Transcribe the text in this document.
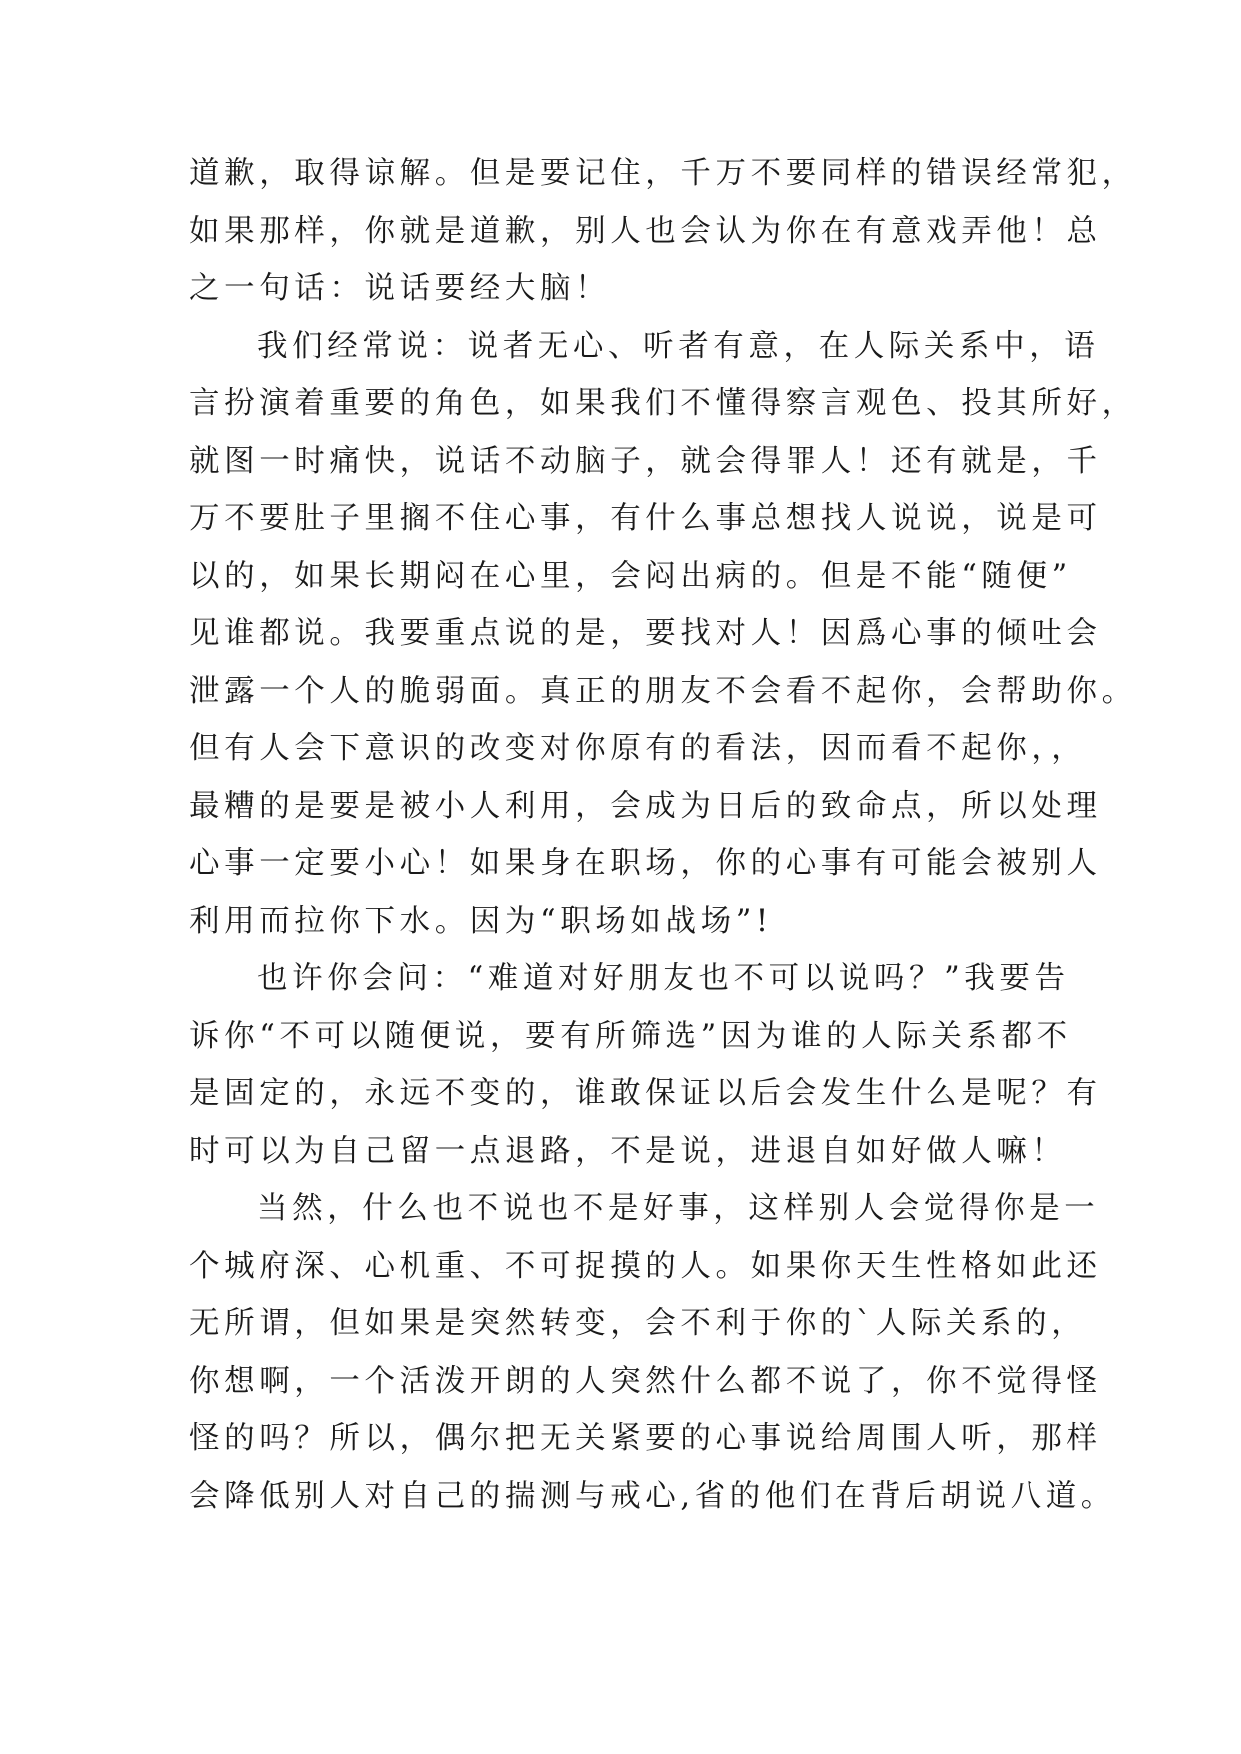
道歉，取得谅解。但是要记住，千万不要同样的错误经常犯，
如果那样，你就是道歉，别人也会认为你在有意戏弄他！总
之一句话：说话要经大脑！
我们经常说：说者无心、听者有意，在人际关系中，语
言扮演着重要的角色，如果我们不懂得察言观色、投其所好，
就图一时痛快，说话不动脑子，就会得罪人！还有就是，千
万不要肚子里搁不住心事，有什么事总想找人说说，说是可
以的，如果长期闷在心里，会闷出病的。但是不能“随便”
见谁都说。我要重点说的是，要找对人！因爲心事的倾吐会
泄露一个人的脆弱面。真正的朋友不会看不起你，会帮助你。
但有人会下意识的改变对你原有的看法，因而看不起你，，
最糟的是要是被小人利用，会成为日后的致命点，所以处理
心事一定要小心！如果身在职场，你的心事有可能会被别人
利用而拉你下水。因为“职场如战场”!
也许你会问：“难道对好朋友也不可以说吗？”我要告
诉你“不可以随便说，要有所筛选”因为谁的人际关系都不
是固定的，永远不变的，谁敢保证以后会发生什么是呢？有
时可以为自己留一点退路，不是说，进退自如好做人嘛！
当然，什么也不说也不是好事，这样别人会觉得你是一
个城府深、心机重、不可捉摸的人。如果你天生性格如此还
无所谓，但如果是突然转变，会不利于你的`人际关系的，
你想啊，一个活泼开朗的人突然什么都不说了，你不觉得怪
怪的吗？所以，偶尔把无关紧要的心事说给周围人听，那样
会降低别人对自己的揣测与戒心,省的他们在背后胡说八道。
